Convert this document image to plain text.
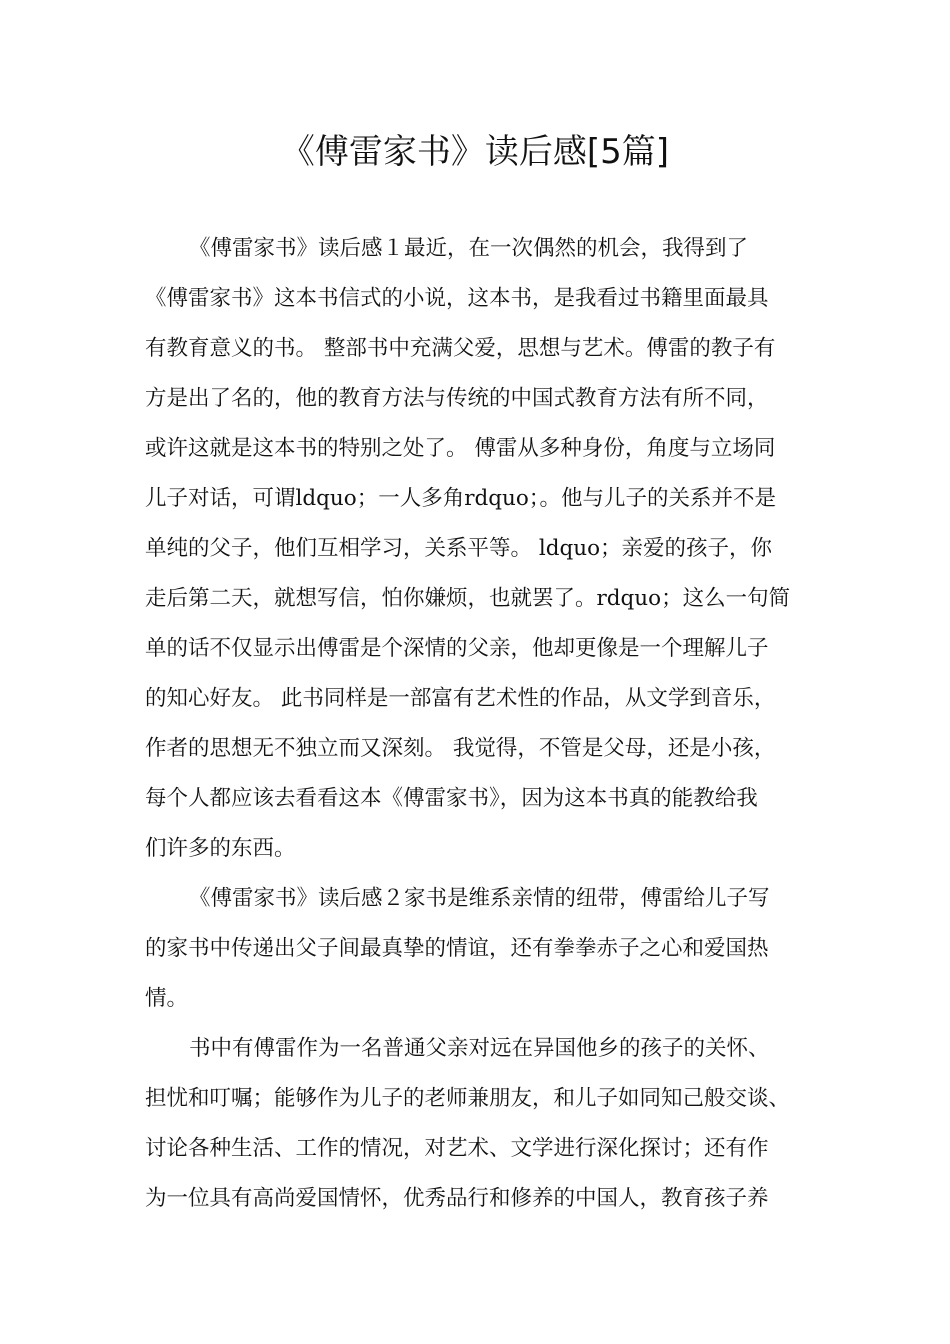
《傅雷家书》读后感[5篇]
《傅雷家书》读后感１最近，在一次偶然的机会，我得到了
《傅雷家书》这本书信式的小说，这本书，是我看过书籍里面最具
有教育意义的书。 整部书中充满父爱，思想与艺术。傅雷的教子有
方是出了名的，他的教育方法与传统的中国式教育方法有所不同，
或许这就是这本书的特别之处了。 傅雷从多种身份，角度与立场同
儿子对话，可谓ldquo；一人多角rdquo；。他与儿子的关系并不是
单纯的父子，他们互相学习，关系平等。 ldquo；亲爱的孩子，你
走后第二天，就想写信，怕你嫌烦，也就罢了。rdquo；这么一句简
单的话不仅显示出傅雷是个深情的父亲，他却更像是一个理解儿子
的知心好友。 此书同样是一部富有艺术性的作品，从文学到音乐，
作者的思想无不独立而又深刻。 我觉得，不管是父母，还是小孩，
每个人都应该去看看这本《傅雷家书》，因为这本书真的能教给我
们许多的东西。
《傅雷家书》读后感２家书是维系亲情的纽带，傅雷给儿子写
的家书中传递出父子间最真挚的情谊，还有拳拳赤子之心和爱国热
情。
书中有傅雷作为一名普通父亲对远在异国他乡的孩子的关怀、
担忧和叮嘱；能够作为儿子的老师兼朋友，和儿子如同知己般交谈、
讨论各种生活、工作的情况，对艺术、文学进行深化探讨；还有作
为一位具有高尚爱国情怀，优秀品行和修养的中国人，教育孩子养
